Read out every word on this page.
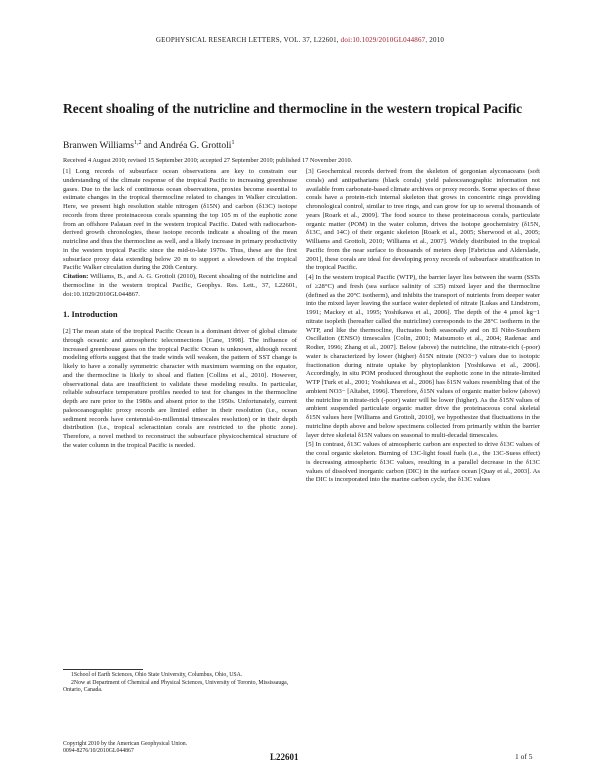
GEOPHYSICAL RESEARCH LETTERS, VOL. 37, L22601, doi:10.1029/2010GL044867, 2010
Recent shoaling of the nutricline and thermocline in the western tropical Pacific
Branwen Williams$^{1,2}$ and Andréa G. Grottoli$^1$
Received 4 August 2010; revised 15 September 2010; accepted 27 September 2010; published 17 November 2010.

[1] Long records of subsurface ocean observations are key to constrain our understanding of the climate response of the tropical Pacific to increasing greenhouse gases. Due to the lack of continuous ocean observations, proxies become essential to estimate changes in the tropical thermocline related to changes in Walker circulation. Here, we present high resolution stable nitrogen (δ15N) and carbon (δ13C) isotope records from three proteinaceous corals spanning the top 105 m of the euphotic zone from an offshore Palauan reef in the western tropical Pacific. Dated with radiocarbon-derived growth chronologies, these isotope records indicate a shoaling of the mean nutricline and thus the thermocline as well, and a likely increase in primary productivity in the western tropical Pacific since the mid-to-late 1970s. Thus, these are the first subsurface proxy data extending below 20 m to support a slowdown of the tropical Pacific Walker circulation during the 20th Century.

Citation: Williams, B., and A. G. Grottoli (2010), Recent shoaling of the nutricline and thermocline in the western tropical Pacific, Geophys. Res. Lett., 37, L22601, doi:10.1029/2010GL044867.

1. Introduction

[2] The mean state of the tropical Pacific Ocean is a dominant driver of global climate through oceanic and atmospheric teleconnections [Cane, 1998]. The influence of increased greenhouse gases on the tropical Pacific Ocean is unknown, although recent modeling efforts suggest that the trade winds will weaken, the pattern of SST change is likely to have a zonally symmetric character with maximum warming on the equator, and the thermocline is likely to shoal and flatten [Collins et al., 2010]. However, observational data are insufficient to validate these modeling results. In particular, reliable subsurface temperature profiles needed to test for changes in the thermocline depth are rare prior to the 1980s and absent prior to the 1950s. Unfortunately, current paleoceanographic proxy records are limited either in their resolution (i.e., ocean sediment records have centennial-to-millennial timescales resolution) or in their depth distribution (i.e., tropical scleractinian corals are restricted to the photic zone). Therefore, a novel method to reconstruct the subsurface physicochemical structure of the water column in the tropical Pacific is needed.

[3] Geochemical records derived from the skeleton of gorgonian alyconaceans (soft corals) and antipatharians (black corals) yield paleoceanographic information not available from carbonate-based climate archives or proxy records. Some species of these corals have a protein-rich internal skeleton that grows in concentric rings providing chronological control, similar to tree rings, and can grow for up to several thousands of years [Roark et al., 2009]. The food source to these proteinaceous corals, particulate organic matter (POM) in the water column, drives the isotope geochemistry (δ15N, δ13C, and 14C) of their organic skeleton [Roark et al., 2005; Sherwood et al., 2005; Williams and Grottoli, 2010; Williams et al., 2007]. Widely distributed in the tropical Pacific from the near surface to thousands of meters deep [Fabricius and Alderslade, 2001], these corals are ideal for developing proxy records of subsurface stratification in the tropical Pacific.

[4] In the western tropical Pacific (WTP), the barrier layer lies between the warm (SSTs of ≥28°C) and fresh (sea surface salinity of ≤35) mixed layer and the thermocline (defined as the 20°C isotherm), and inhibits the transport of nutrients from deeper water into the mixed layer leaving the surface water depleted of nitrate [Lukas and Lindstrom, 1991; Mackey et al., 1995; Yoshikawa et al., 2006]. The depth of the 4 μmol kg−1 nitrate isopleth (hereafter called the nutricline) corresponds to the 28°C isotherm in the WTP, and like the thermocline, fluctuates both seasonally and on El Niño-Southern Oscillation (ENSO) timescales [Colin, 2001; Matsumoto et al., 2004; Radenac and Rodier, 1996; Zhang et al., 2007]. Below (above) the nutricline, the nitrate-rich (-poor) water is characterized by lower (higher) δ15N nitrate (NO3−) values due to isotopic fractionation during nitrate uptake by phytoplankton [Yoshikawa et al., 2006]. Accordingly, in situ POM produced throughout the euphotic zone in the nitrate-limited WTP [Turk et al., 2001; Yoshikawa et al., 2006] has δ15N values resembling that of the ambient NO3− [Altabet, 1996]. Therefore, δ15N values of organic matter below (above) the nutricline in nitrate-rich (-poor) water will be lower (higher). As the δ15N values of ambient suspended particulate organic matter drive the proteinaceous coral skeletal δ15N values here [Williams and Grottoli, 2010], we hypothesize that fluctuations in the nutricline depth above and below specimens collected from primarily within the barrier layer drive skeletal δ15N values on seasonal to multi-decadal timescales.

[5] In contrast, δ13C values of atmospheric carbon are expected to drive δ13C values of the coral organic skeleton. Burning of 13C-light fossil fuels (i.e., the 13C-Suess effect) is decreasing atmospheric δ13C values, resulting in a parallel decrease in the δ13C values of dissolved inorganic carbon (DIC) in the surface ocean [Quay et al., 2003]. As the DIC is incorporated into the marine carbon cycle, the δ13C values

1School of Earth Sciences, Ohio State University, Columbus, Ohio, USA.

2Now at Department of Chemical and Physical Sciences, University of Toronto, Mississauga, Ontario, Canada.

Copyright 2010 by the American Geophysical Union.
0094-8276/10/2010GL044867
L22601	1 of 5
